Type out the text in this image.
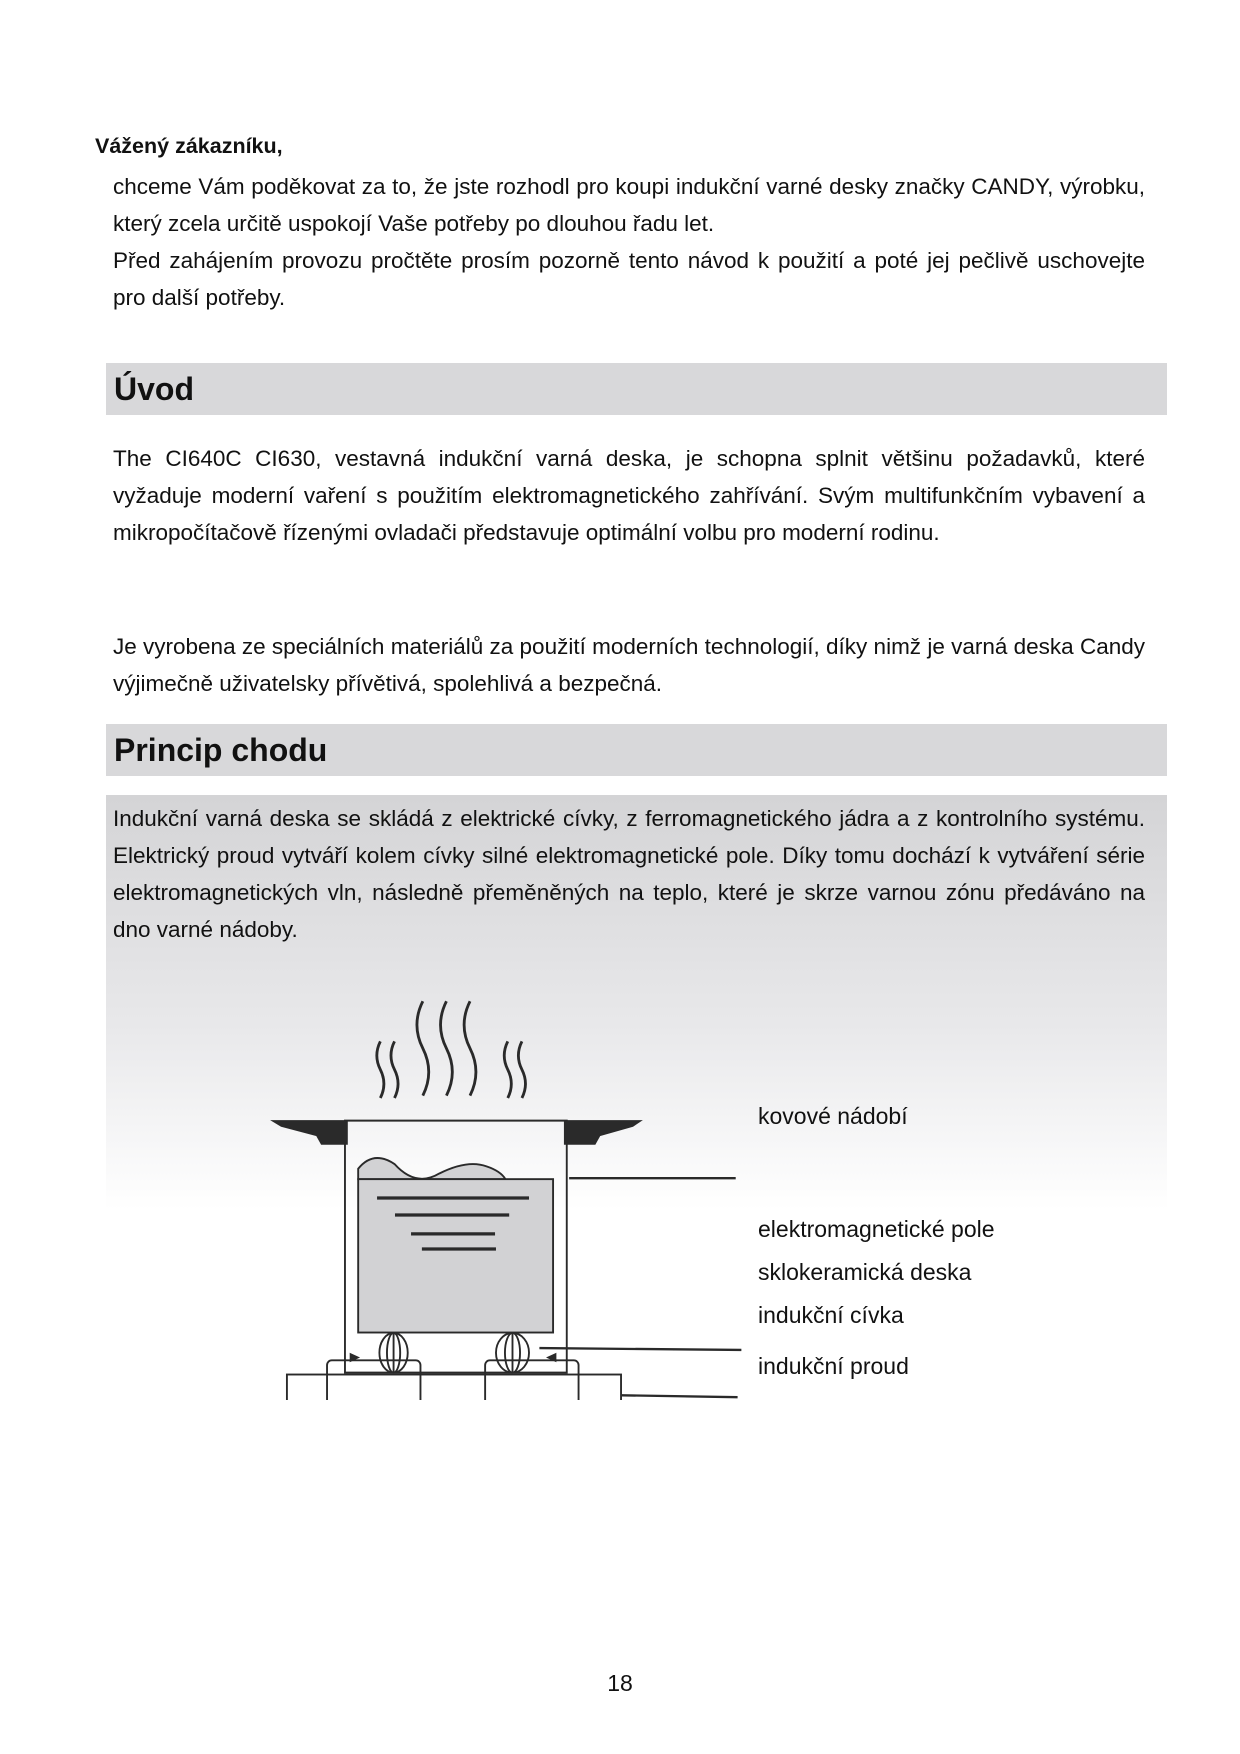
Vážený zákazníku,
chceme Vám poděkovat za to, že jste rozhodl pro koupi indukční varné desky značky CANDY, výrobku, který zcela určitě uspokojí Vaše potřeby po dlouhou řadu let.
Před zahájením provozu pročtěte prosím pozorně tento návod k použití a poté jej pečlivě uschovejte pro další potřeby.
Úvod
The CI640C CI630, vestavná indukční varná deska, je schopna splnit většinu požadavků, které vyžaduje moderní vaření s použitím elektromagnetického zahřívání. Svým multifunkčním vybavení a mikropočítačově řízenými ovladači představuje optimální volbu pro moderní rodinu.
Je vyrobena ze speciálních materiálů za použití moderních technologií, díky nimž je varná deska Candy výjimečně uživatelsky přívětivá, spolehlivá a bezpečná.
Princip chodu
Indukční varná deska se skládá z elektrické cívky, z ferromagnetického jádra a z kontrolního systému. Elektrický proud vytváří kolem cívky silné elektromagnetické pole. Díky tomu dochází k vytváření série elektromagnetických vln, následně přeměněných na teplo, které je skrze varnou zónu předáváno na dno varné nádoby.
kovové nádobí
elektromagnetické pole
sklokeramická deska
indukční cívka
indukční proud
18
